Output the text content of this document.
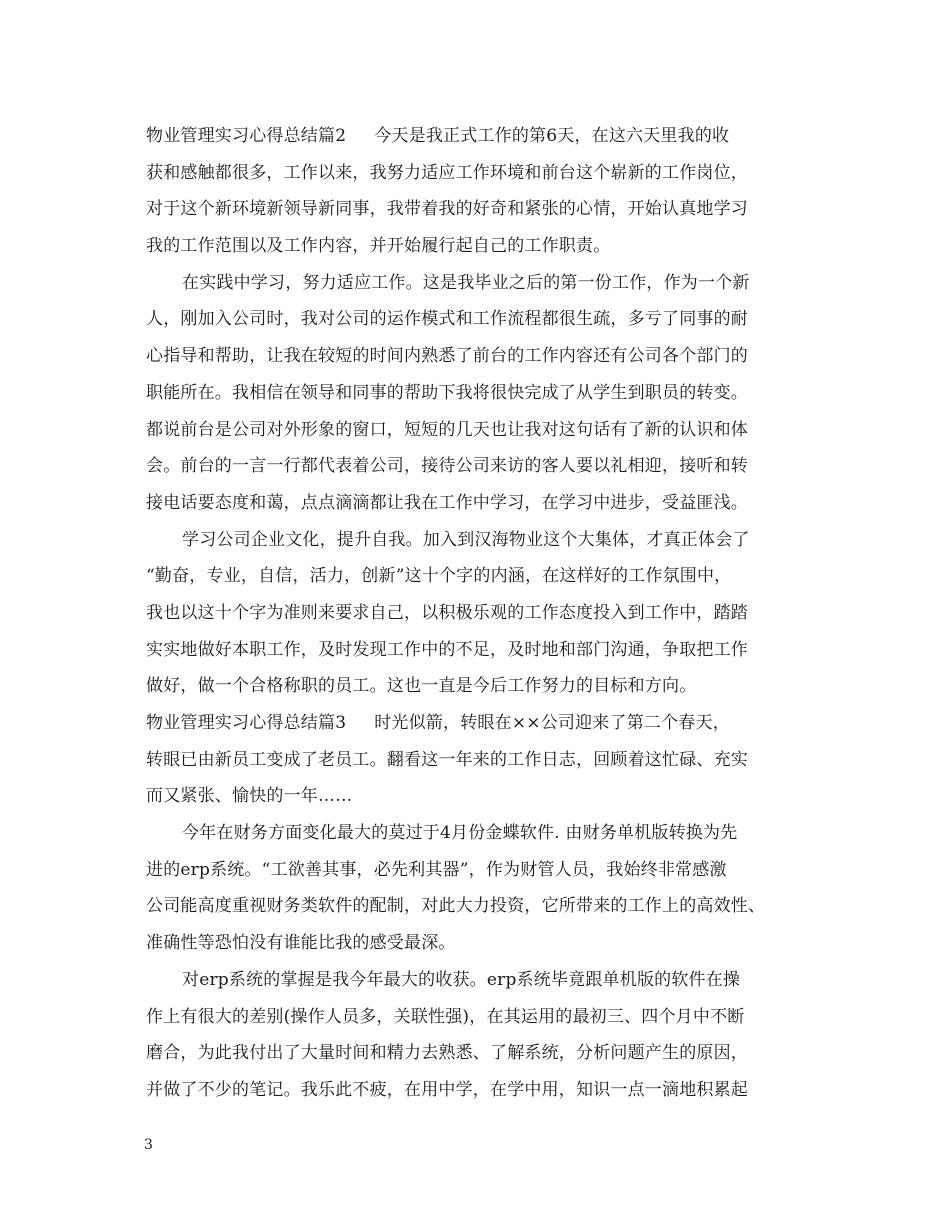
物业管理实习心得总结篇2 今天是我正式工作的第6天，在这六天里我的收
获和感触都很多，工作以来，我努力适应工作环境和前台这个崭新的工作岗位，
对于这个新环境新领导新同事，我带着我的好奇和紧张的心情，开始认真地学习
我的工作范围以及工作内容，并开始履行起自己的工作职责。
在实践中学习，努力适应工作。这是我毕业之后的第一份工作，作为一个新
人，刚加入公司时，我对公司的运作模式和工作流程都很生疏，多亏了同事的耐
心指导和帮助，让我在较短的时间内熟悉了前台的工作内容还有公司各个部门的
职能所在。我相信在领导和同事的帮助下我将很快完成了从学生到职员的转变。
都说前台是公司对外形象的窗口，短短的几天也让我对这句话有了新的认识和体
会。前台的一言一行都代表着公司，接待公司来访的客人要以礼相迎，接听和转
接电话要态度和蔼，点点滴滴都让我在工作中学习，在学习中进步，受益匪浅。
学习公司企业文化，提升自我。加入到汉海物业这个大集体，才真正体会了
“勤奋，专业，自信，活力，创新”这十个字的内涵，在这样好的工作氛围中，
我也以这十个字为准则来要求自己，以积极乐观的工作态度投入到工作中，踏踏
实实地做好本职工作，及时发现工作中的不足，及时地和部门沟通，争取把工作
做好，做一个合格称职的员工。这也一直是今后工作努力的目标和方向。
物业管理实习心得总结篇3 时光似箭，转眼在××公司迎来了第二个春天，
转眼已由新员工变成了老员工。翻看这一年来的工作日志，回顾着这忙碌、充实
而又紧张、愉快的一年……
今年在财务方面变化最大的莫过于4月份金蝶软件. 由财务单机版转换为先
进的erp系统。“工欲善其事，必先利其器”，作为财管人员，我始终非常感激
公司能高度重视财务类软件的配制，对此大力投资，它所带来的工作上的高效性、
准确性等恐怕没有谁能比我的感受最深。
对erp系统的掌握是我今年最大的收获。erp系统毕竟跟单机版的软件在操
作上有很大的差别(操作人员多，关联性强)，在其运用的最初三、四个月中不断
磨合，为此我付出了大量时间和精力去熟悉、了解系统，分析问题产生的原因，
并做了不少的笔记。我乐此不疲，在用中学，在学中用，知识一点一滴地积累起
3
